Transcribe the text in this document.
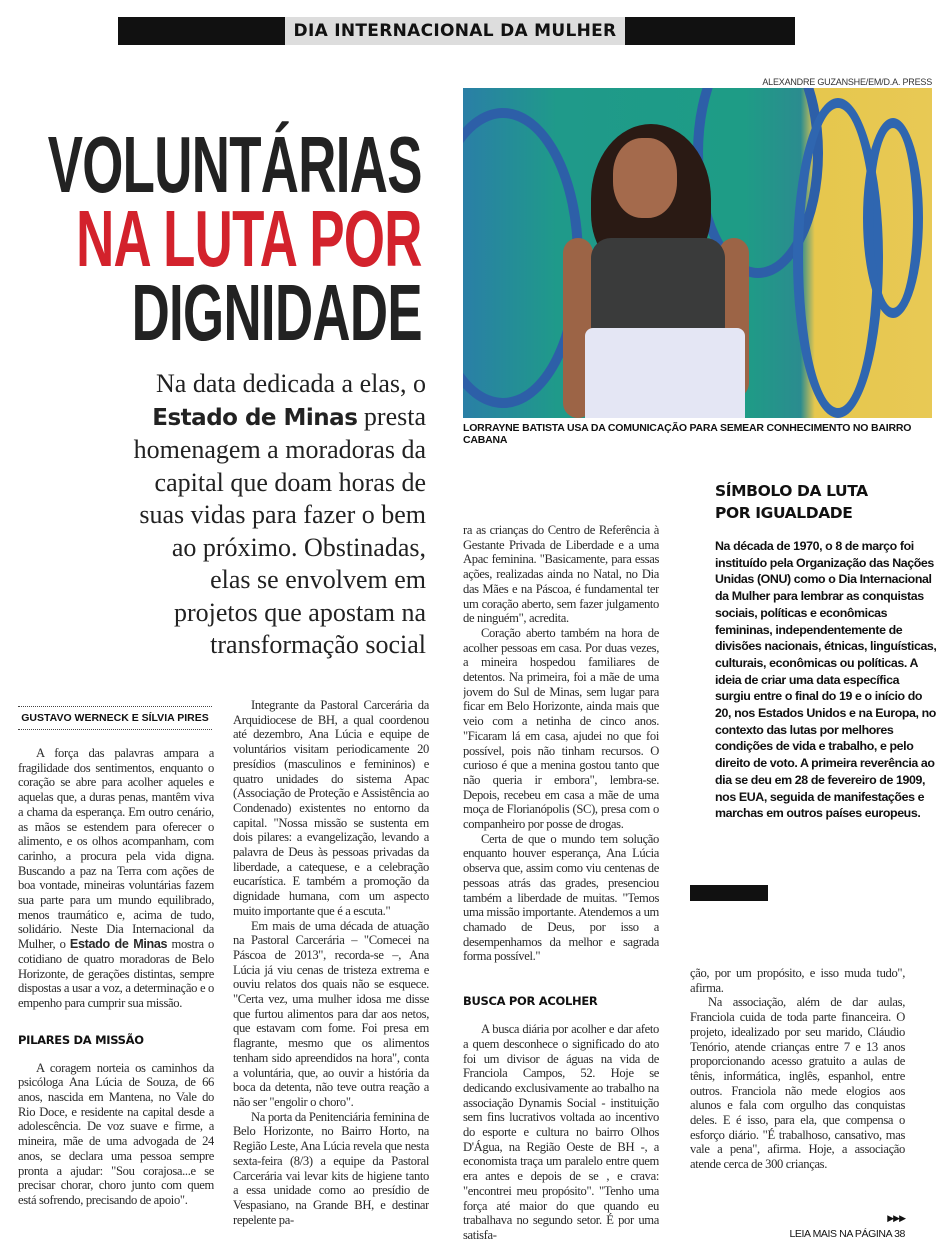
DIA INTERNACIONAL DA MULHER
ALEXANDRE GUZANSHE/EM/D.A. PRESS
LORRAYNE BATISTA USA DA COMUNICAÇÃO PARA SEMEAR CONHECIMENTO NO BAIRRO CABANA
VOLUNTÁRIAS
NA LUTA POR
DIGNIDADE
Na data dedicada a elas, o
Estado de Minas presta
homenagem a moradoras da
capital que doam horas de
suas vidas para fazer o bem
ao próximo. Obstinadas,
elas se envolvem em
projetos que apostam na
transformação social
GUSTAVO WERNECK E SÍLVIA PIRES

A força das palavras ampara a fragilidade dos sentimentos, enquanto o coração se abre para acolher aqueles e aquelas que, a duras penas, mantêm viva a chama da esperança. Em outro cenário, as mãos se estendem para oferecer o alimento, e os olhos acompanham, com carinho, a procura pela vida digna. Buscando a paz na Terra com ações de boa vontade, mineiras voluntárias fazem sua parte para um mundo equilibrado, menos traumático e, acima de tudo, solidário. Neste Dia Internacional da Mulher, o Estado de Minas mostra o cotidiano de quatro moradoras de Belo Horizonte, de gerações distintas, sempre dispostas a usar a voz, a determinação e o empenho para cumprir sua missão.

PILARES DA MISSÃO

A coragem norteia os caminhos da psicóloga Ana Lúcia de Souza, de 66 anos, nascida em Mantena, no Vale do Rio Doce, e residente na capital desde a adolescência. De voz suave e firme, a mineira, mãe de uma advogada de 24 anos, se declara uma pessoa sempre pronta a ajudar: "Sou corajosa...e se precisar chorar, choro junto com quem está sofrendo, precisando de apoio".

Integrante da Pastoral Carcerária da Arquidiocese de BH, a qual coordenou até dezembro, Ana Lúcia e equipe de voluntários visitam periodicamente 20 presídios (masculinos e femininos) e quatro unidades do sistema Apac (Associação de Proteção e Assistência ao Condenado) existentes no entorno da capital. "Nossa missão se sustenta em dois pilares: a evangelização, levando a palavra de Deus às pessoas privadas da liberdade, a catequese, e a celebração eucarística. E também a promoção da dignidade humana, com um aspecto muito importante que é a escuta."

Em mais de uma década de atuação na Pastoral Carcerária – "Comecei na Páscoa de 2013", recorda-se –, Ana Lúcia já viu cenas de tristeza extrema e ouviu relatos dos quais não se esquece. "Certa vez, uma mulher idosa me disse que furtou alimentos para dar aos netos, que estavam com fome. Foi presa em flagrante, mesmo que os alimentos tenham sido apreendidos na hora", conta a voluntária, que, ao ouvir a história da boca da detenta, não teve outra reação a não ser "engolir o choro".

Na porta da Penitenciária feminina de Belo Horizonte, no Bairro Horto, na Região Leste, Ana Lúcia revela que nesta sexta-feira (8/3) a equipe da Pastoral Carcerária vai levar kits de higiene tanto a essa unidade como ao presídio de Vespasiano, na Grande BH, e destinar repelente pa-

ra as crianças do Centro de Referência à Gestante Privada de Liberdade e a uma Apac feminina. "Basicamente, para essas ações, realizadas ainda no Natal, no Dia das Mães e na Páscoa, é fundamental ter um coração aberto, sem fazer julgamento de ninguém", acredita.

Coração aberto também na hora de acolher pessoas em casa. Por duas vezes, a mineira hospedou familiares de detentos. Na primeira, foi a mãe de uma jovem do Sul de Minas, sem lugar para ficar em Belo Horizonte, ainda mais que veio com a netinha de cinco anos. "Ficaram lá em casa, ajudei no que foi possível, pois não tinham recursos. O curioso é que a menina gostou tanto que não queria ir embora", lembra-se. Depois, recebeu em casa a mãe de uma moça de Florianópolis (SC), presa com o companheiro por posse de drogas.

Certa de que o mundo tem solução enquanto houver esperança, Ana Lúcia observa que, assim como viu centenas de pessoas atrás das grades, presenciou também a liberdade de muitas. "Temos uma missão importante. Atendemos a um chamado de Deus, por isso a desempenhamos da melhor e sagrada forma possível."

BUSCA POR ACOLHER

A busca diária por acolher e dar afeto a quem desconhece o significado do ato foi um divisor de águas na vida de Franciola Campos, 52. Hoje se dedicando exclusivamente ao trabalho na associação Dynamis Social - instituição sem fins lucrativos voltada ao incentivo do esporte e cultura no bairro Olhos D'Água, na Região Oeste de BH -, a economista traça um paralelo entre quem era antes e depois de se , e crava: "encontrei meu propósito". "Tenho uma força até maior do que quando eu trabalhava no segundo setor. É por uma satisfa-

SÍMBOLO DA LUTA
POR IGUALDADE

Na década de 1970, o 8 de março foi instituído pela Organização das Nações Unidas (ONU) como o Dia Internacional da Mulher para lembrar as conquistas sociais, políticas e econômicas femininas, independentemente de divisões nacionais, étnicas, linguísticas, culturais, econômicas ou políticas. A ideia de criar uma data específica surgiu entre o final do 19 e o início do 20, nos Estados Unidos e na Europa, no contexto das lutas por melhores condições de vida e trabalho, e pelo direito de voto. A primeira reverência ao dia se deu em 28 de fevereiro de 1909, nos EUA, seguida de manifestações e marchas em outros países europeus.

ção, por um propósito, e isso muda tudo", afirma.

Na associação, além de dar aulas, Franciola cuida de toda parte financeira. O projeto, idealizado por seu marido, Cláudio Tenório, atende crianças entre 7 e 13 anos proporcionando acesso gratuito a aulas de tênis, informática, inglês, espanhol, entre outros. Franciola não mede elogios aos alunos e fala com orgulho das conquistas deles. E é isso, para ela, que compensa o esforço diário. "É trabalhoso, cansativo, mas vale a pena", afirma. Hoje, a associação atende cerca de 300 crianças.

▶▶▶
LEIA MAIS NA PÁGINA 38
